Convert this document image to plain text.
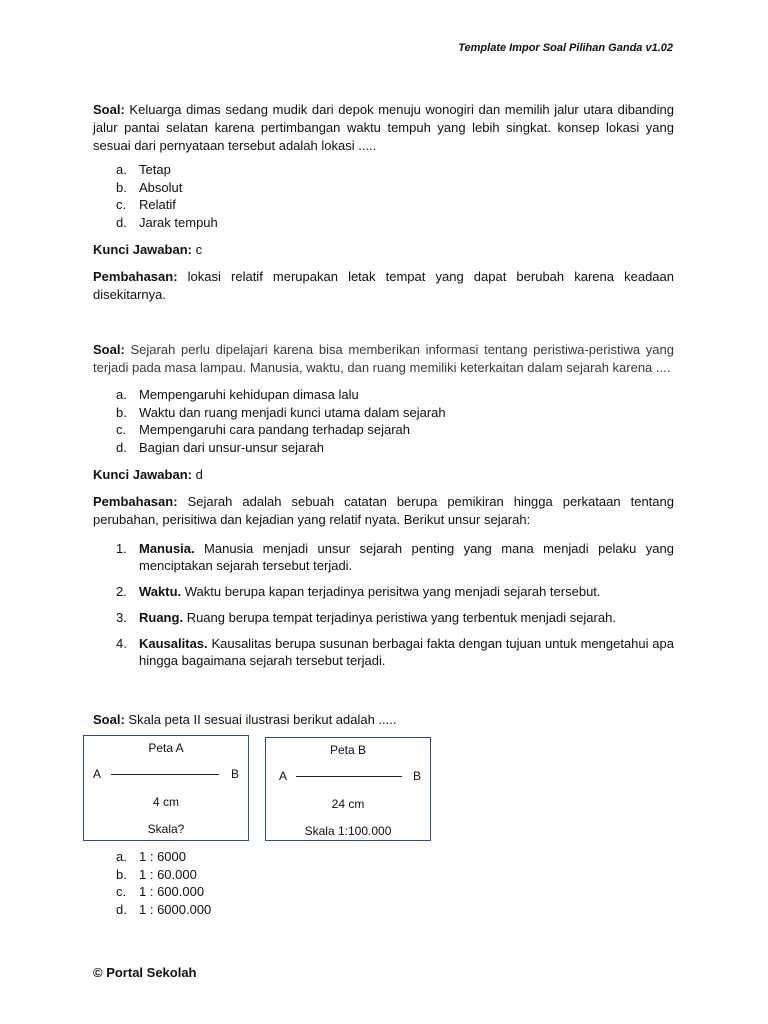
Template Impor Soal Pilihan Ganda v1.02
Soal: Keluarga dimas sedang mudik dari depok menuju wonogiri dan memilih jalur utara dibanding jalur pantai selatan karena pertimbangan waktu tempuh yang lebih singkat. konsep lokasi yang sesuai dari pernyataan tersebut adalah lokasi .....
a. Tetap
b. Absolut
c. Relatif
d. Jarak tempuh
Kunci Jawaban: c
Pembahasan: lokasi relatif merupakan letak tempat yang dapat berubah karena keadaan disekitarnya.
Soal: Sejarah perlu dipelajari karena bisa memberikan informasi tentang peristiwa-peristiwa yang terjadi pada masa lampau. Manusia, waktu, dan ruang memiliki keterkaitan dalam sejarah karena ....
a. Mempengaruhi kehidupan dimasa lalu
b. Waktu dan ruang menjadi kunci utama dalam sejarah
c. Mempengaruhi cara pandang terhadap sejarah
d. Bagian dari unsur-unsur sejarah
Kunci Jawaban: d
Pembahasan: Sejarah adalah sebuah catatan berupa pemikiran hingga perkataan tentang perubahan, perisitiwa dan kejadian yang relatif nyata. Berikut unsur sejarah:
1. Manusia. Manusia menjadi unsur sejarah penting yang mana menjadi pelaku yang menciptakan sejarah tersebut terjadi.
2. Waktu. Waktu berupa kapan terjadinya perisitwa yang menjadi sejarah tersebut.
3. Ruang. Ruang berupa tempat terjadinya peristiwa yang terbentuk menjadi sejarah.
4. Kausalitas. Kausalitas berupa susunan berbagai fakta dengan tujuan untuk mengetahui apa hingga bagaimana sejarah tersebut terjadi.
Soal: Skala peta II sesuai ilustrasi berikut adalah .....
Peta A
A	B
4 cm
Skala?
Peta B
A	B
24 cm
Skala 1:100.000
a. 1 : 6000
b. 1 : 60.000
c. 1 : 600.000
d. 1 : 6000.000
© Portal Sekolah
